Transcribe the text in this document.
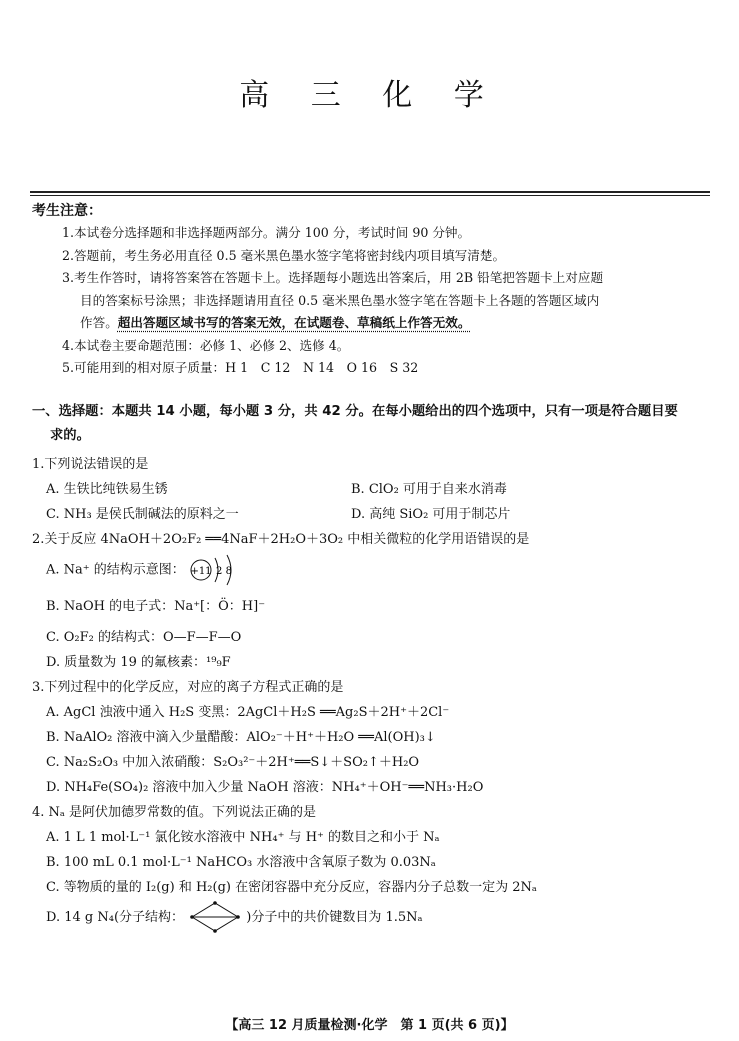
高 三 化 学
考生注意：
1.本试卷分选择题和非选择题两部分。满分 100 分，考试时间 90 分钟。
2.答题前，考生务必用直径 0.5 毫米黑色墨水签字笔将密封线内项目填写清楚。
3.考生作答时，请将答案答在答题卡上。选择题每小题选出答案后，用 2B 铅笔把答题卡上对应题
目的答案标号涂黑；非选择题请用直径 0.5 毫米黑色墨水签字笔在答题卡上各题的答题区域内
作答。超出答题区域书写的答案无效，在试题卷、草稿纸上作答无效。
4.本试卷主要命题范围：必修 1、必修 2、选修 4。
5.可能用到的相对原子质量：H 1　C 12　N 14　O 16　S 32
一、选择题：本题共 14 小题，每小题 3 分，共 42 分。在每小题给出的四个选项中，只有一项是符合题目要
求的。
1.下列说法错误的是
A. 生铁比纯铁易生锈	B. ClO₂ 可用于自来水消毒
C. NH₃ 是侯氏制碱法的原料之一	D. 高纯 SiO₂ 可用于制芯片
2.关于反应 4NaOH＋2O₂F₂ ══4NaF＋2H₂O＋3O₂ 中相关微粒的化学用语错误的是
A. Na⁺ 的结构示意图： +11 2 8
B. NaOH 的电子式：Na⁺[：Ö：H]⁻
C. O₂F₂ 的结构式：O—F—F—O
D. 质量数为 19 的氟核素：¹⁹₉F
3.下列过程中的化学反应，对应的离子方程式正确的是
A. AgCl 浊液中通入 H₂S 变黑：2AgCl＋H₂S ══Ag₂S＋2H⁺＋2Cl⁻
B. NaAlO₂ 溶液中滴入少量醋酸：AlO₂⁻＋H⁺＋H₂O ══Al(OH)₃↓
C. Na₂S₂O₃ 中加入浓硝酸：S₂O₃²⁻＋2H⁺══S↓＋SO₂↑＋H₂O
D. NH₄Fe(SO₄)₂ 溶液中加入少量 NaOH 溶液：NH₄⁺＋OH⁻══NH₃·H₂O
4. Nₐ 是阿伏加德罗常数的值。下列说法正确的是
A. 1 L 1 mol·L⁻¹ 氯化铵水溶液中 NH₄⁺ 与 H⁺ 的数目之和小于 Nₐ
B. 100 mL 0.1 mol·L⁻¹ NaHCO₃ 水溶液中含氧原子数为 0.03Nₐ
C. 等物质的量的 I₂(g) 和 H₂(g) 在密闭容器中充分反应，容器内分子总数一定为 2Nₐ
D. 14 g N₄(分子结构：	)分子中的共价键数目为 1.5Nₐ
【高三 12 月质量检测·化学　第 1 页(共 6 页)】
